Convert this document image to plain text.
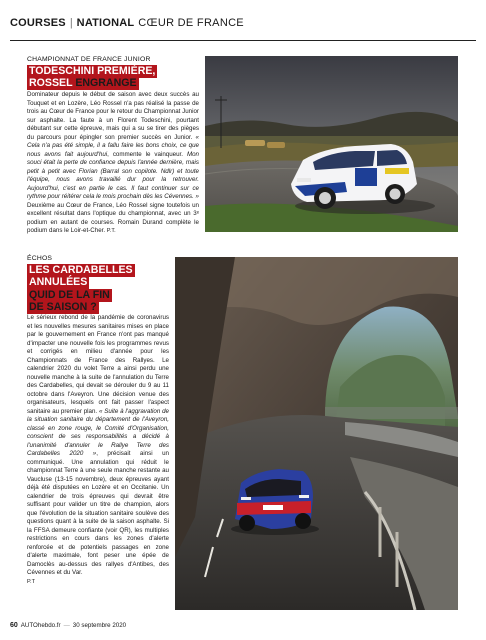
COURSES | NATIONAL CŒUR DE FRANCE
CHAMPIONNAT DE FRANCE JUNIOR
TODESCHINI PREMIÈRE,
ROSSEL ENGRANGE
Dominateur depuis le début de saison avec deux succès au Touquet et en Lozère, Léo Rossel n'a pas réalisé la passe de trois au Cœur de France pour le retour du Championnat Junior sur asphalte. La faute à un Florent Todeschini, pourtant débutant sur cette épreuve, mais qui a su se tirer des pièges du parcours pour épingler son premier succès en Junior. « Cela n'a pas été simple, il a fallu faire les bons choix, ce que nous avons fait aujourd'hui, commente le vainqueur. Mon souci était la perte de confiance depuis l'année dernière, mais petit à petit avec Florian (Barral son copilote. Ndlr) et toute l'équipe, nous avons travaillé dur pour la retrouver. Aujourd'hui, c'est en partie le cas. Il faut continuer sur ce rythme pour réitérer cela le mois prochain dès les Cévennes. » Deuxième au Cœur de France, Léo Rossel signe toutefois un excellent résultat dans l'optique du championnat, avec un 3ᵉ podium en autant de courses. Romain Durand complète le podium dans le Loir-et-Cher. P.T.
ÉCHOS
LES CARDABELLES
ANNULÉES
QUID DE LA FIN
DE SAISON ?
Le sérieux rebond de la pandémie de coronavirus et les nouvelles mesures sanitaires mises en place par le gouvernement en France n'ont pas manqué d'impacter une nouvelle fois les programmes revus et corrigés en milieu d'année pour les Championnats de France des Rallyes. Le calendrier 2020 du volet Terre a ainsi perdu une nouvelle manche à la suite de l'annulation du Terre des Cardabelles, qui devait se dérouler du 9 au 11 octobre dans l'Aveyron. Une décision venue des organisateurs, lesquels ont fait passer l'aspect sanitaire au premier plan. « Suite à l'aggravation de la situation sanitaire du département de l'Aveyron, classé en zone rouge, le Comité d'Organisation, conscient de ses responsabilités a décidé à l'unanimité d'annuler le Rallye Terre des Cardabelles 2020 », précisait ainsi un communiqué. Une annulation qui réduit le championnat Terre à une seule manche restante au Vaucluse (13-15 novembre), deux épreuves ayant déjà été disputées en Lozère et en Occitanie. Un calendrier de trois épreuves qui devrait être suffisant pour valider un titre de champion, alors que l'évolution de la situation sanitaire soulève des questions quant à la suite de la saison asphalte. Si la FFSA demeure confiante (voir QR), les multiples restrictions en cours dans les zones d'alerte renforcée et de potentiels passages en zone d'alerte maximale, font peser une épée de Damoclès au-dessus des rallyes d'Antibes, des Cévennes et du Var.
P.T
60 AUTOhebdo.fr — 30 septembre 2020
